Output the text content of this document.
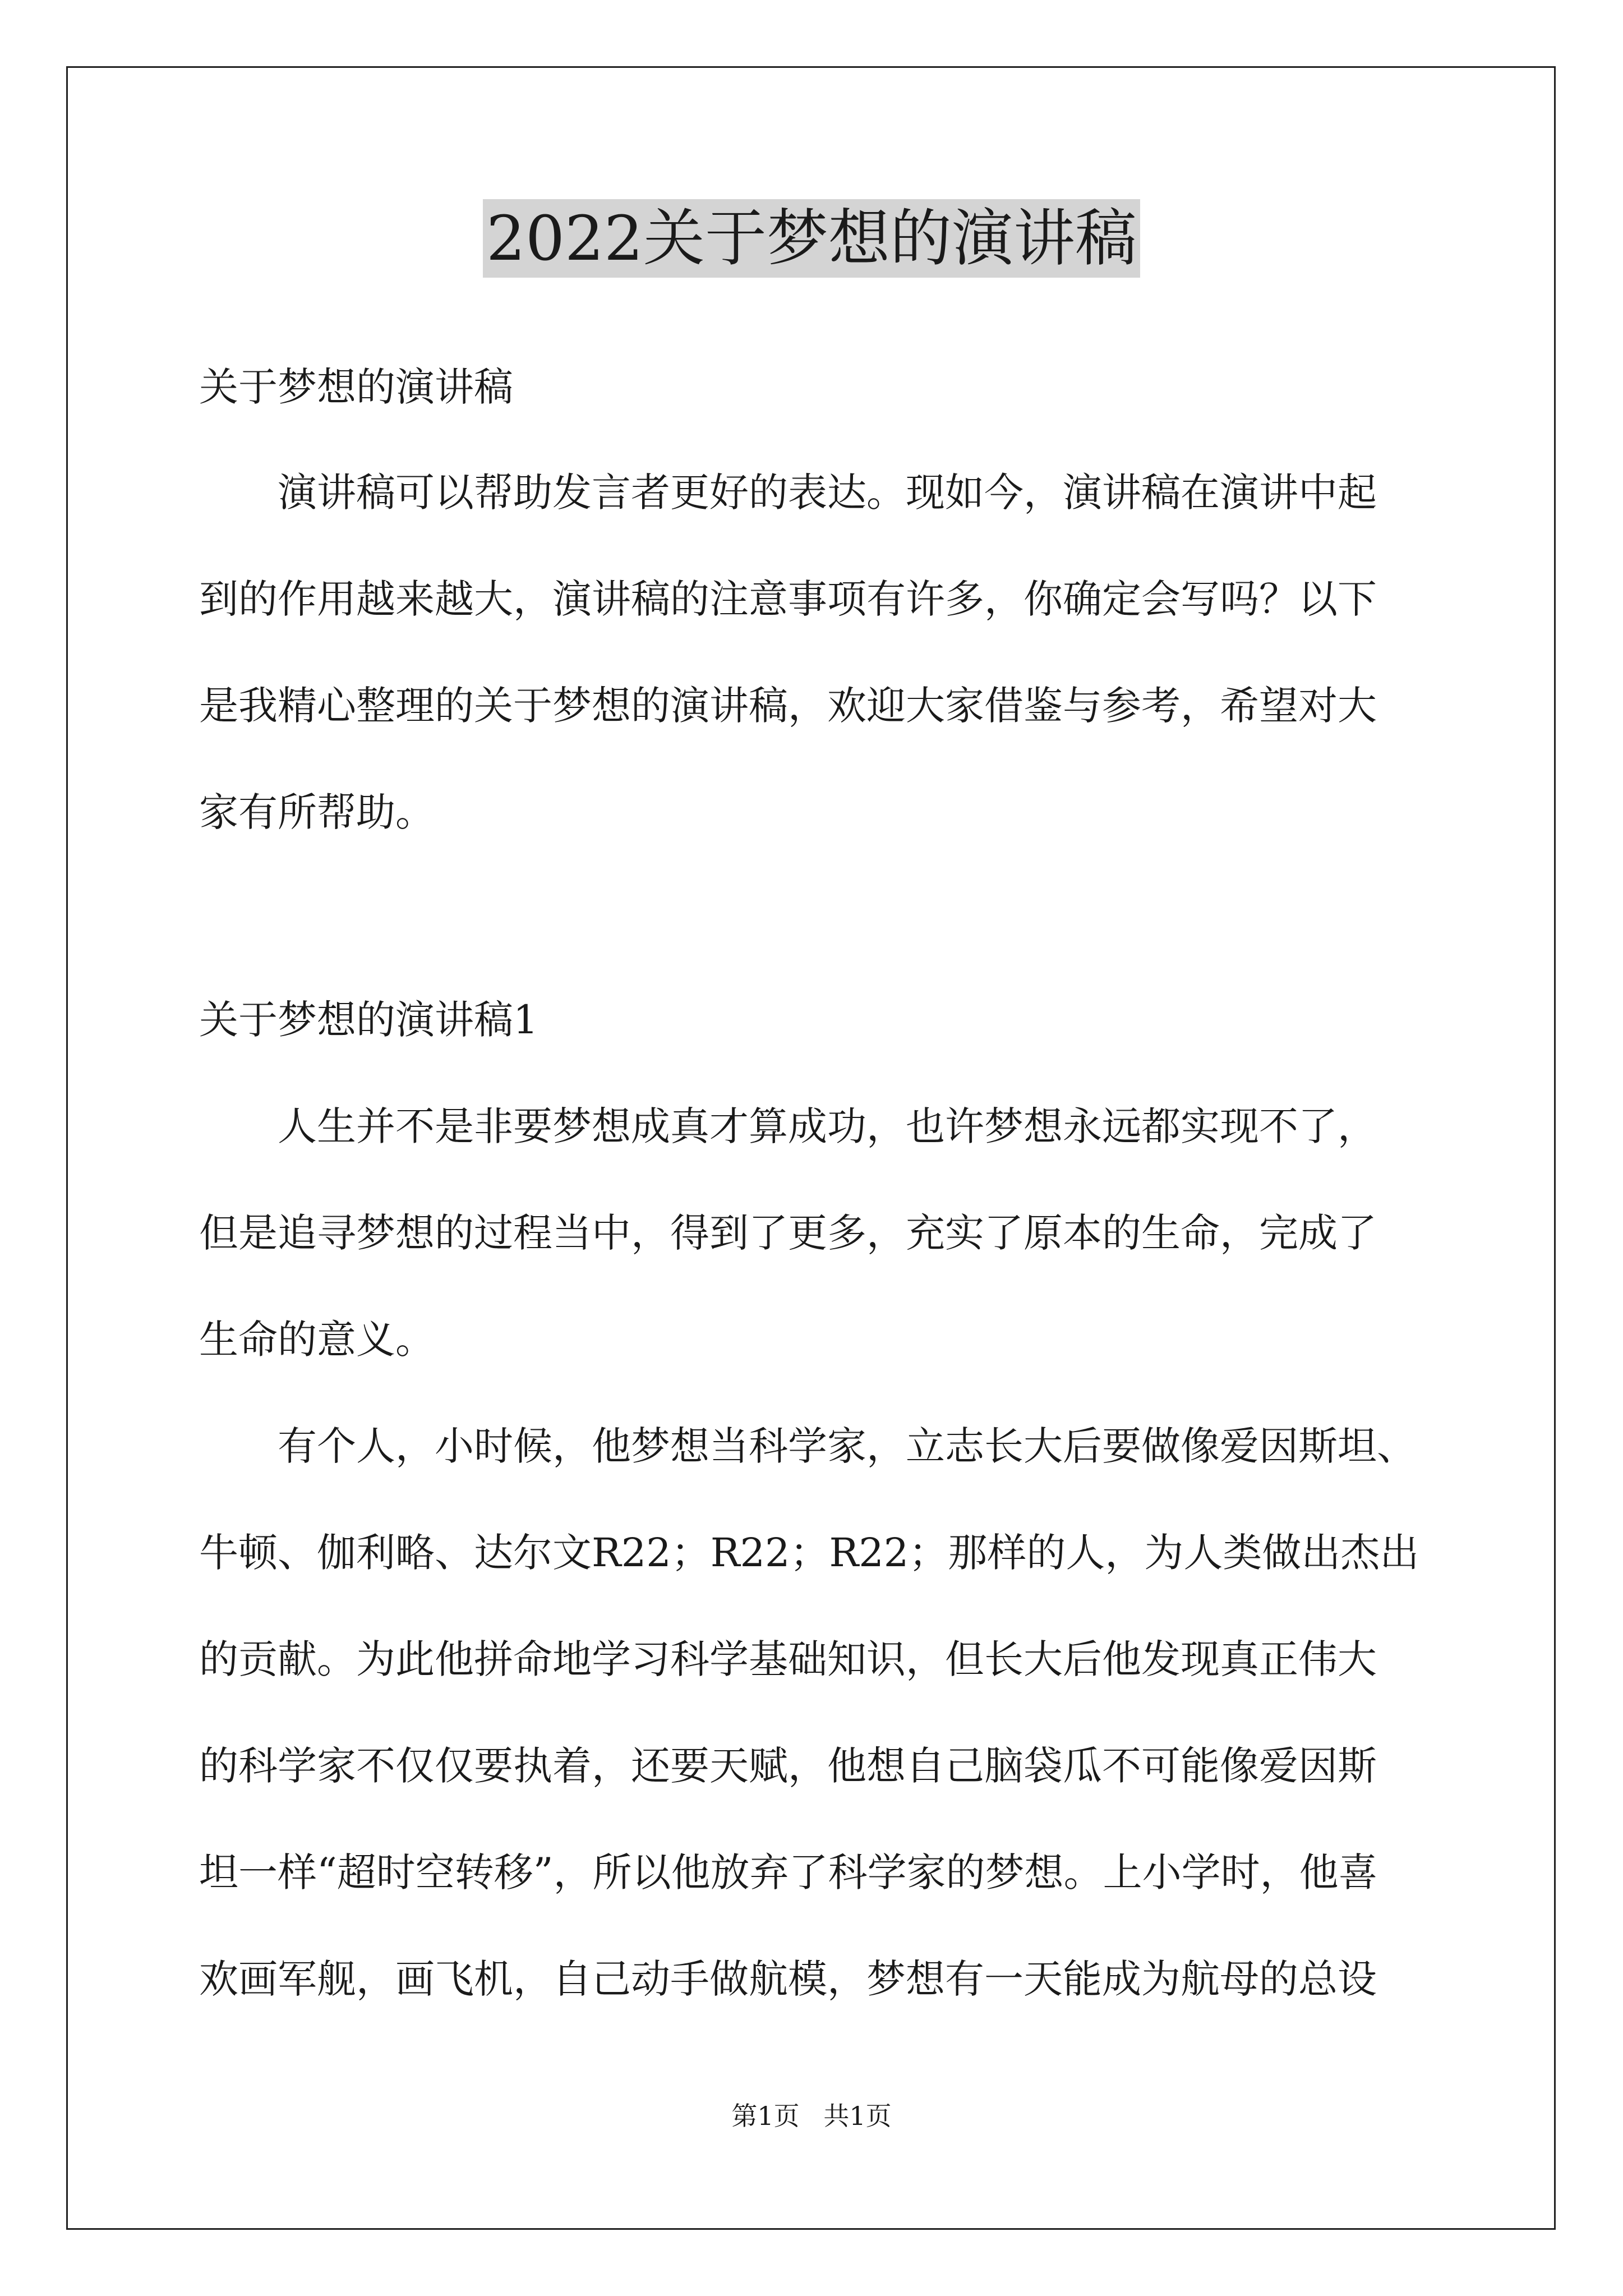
2022关于梦想的演讲稿
关于梦想的演讲稿
演讲稿可以帮助发言者更好的表达。现如今，演讲稿在演讲中起
到的作用越来越大，演讲稿的注意事项有许多，你确定会写吗？以下
是我精心整理的关于梦想的演讲稿，欢迎大家借鉴与参考，希望对大
家有所帮助。
关于梦想的演讲稿1
人生并不是非要梦想成真才算成功，也许梦想永远都实现不了，
但是追寻梦想的过程当中，得到了更多，充实了原本的生命，完成了
生命的意义。
有个人，小时候，他梦想当科学家，立志长大后要做像爱因斯坦、
牛顿、伽利略、达尔文R22；R22；R22；那样的人，为人类做出杰出
的贡献。为此他拼命地学习科学基础知识，但长大后他发现真正伟大
的科学家不仅仅要执着，还要天赋，他想自己脑袋瓜不可能像爱因斯
坦一样“超时空转移”，所以他放弃了科学家的梦想。上小学时，他喜
欢画军舰，画飞机，自己动手做航模，梦想有一天能成为航母的总设
第1页 共1页
